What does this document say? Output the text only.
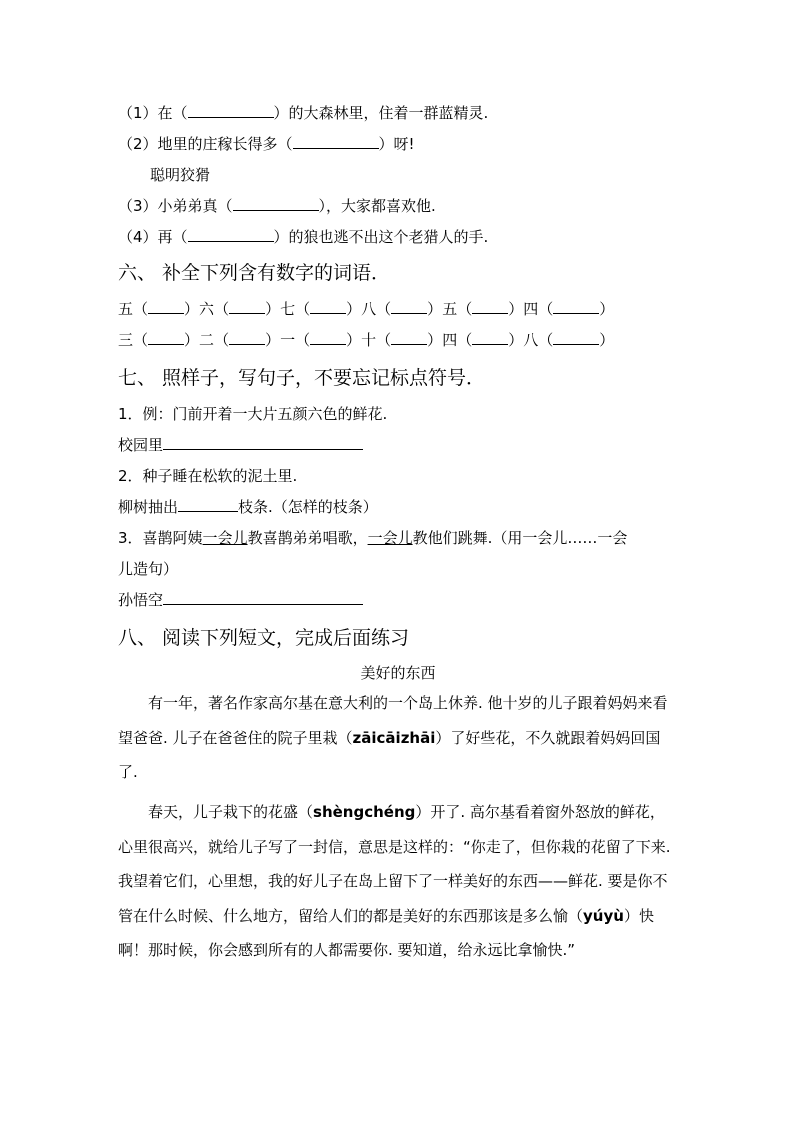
（1）在（	）的大森林里，住着一群蓝精灵.
（2）地里的庄稼长得多（	）呀!
聪明狡猾
（3）小弟弟真（	），大家都喜欢他.
（4）再（	）的狼也逃不出这个老猎人的手.
六、 补全下列含有数字的词语．
五（ ）六（ ）七（ ）八（ ）五（ ）四（	）
三（ ）二（ ）一（ ）十（ ）四（ ）八（	）
七、 照样子，写句子，不要忘记标点符号．
1．例：门前开着一大片五颜六色的鲜花.
校园里
2．种子睡在松软的泥土里.
柳树抽出	枝条.（怎样的枝条）
3．喜鹊阿姨一会儿教喜鹊弟弟唱歌，一会儿教他们跳舞.（用一会儿……一会
儿造句）
孙悟空
八、 阅读下列短文，完成后面练习
美好的东西

有一年，著名作家高尔基在意大利的一个岛上休养. 他十岁的儿子跟着妈妈来看望爸爸. 儿子在爸爸住的院子里栽（zāicāizhāi）了好些花，不久就跟着妈妈回国了.

春天，儿子栽下的花盛（shèngchéng）开了. 高尔基看着窗外怒放的鲜花，心里很高兴，就给儿子写了一封信，意思是这样的：“你走了，但你栽的花留了下来. 我望着它们，心里想，我的好儿子在岛上留下了一样美好的东西——鲜花. 要是你不管在什么时候、什么地方，留给人们的都是美好的东西那该是多么愉（yúyù）快啊！那时候，你会感到所有的人都需要你. 要知道，给永远比拿愉快.”
